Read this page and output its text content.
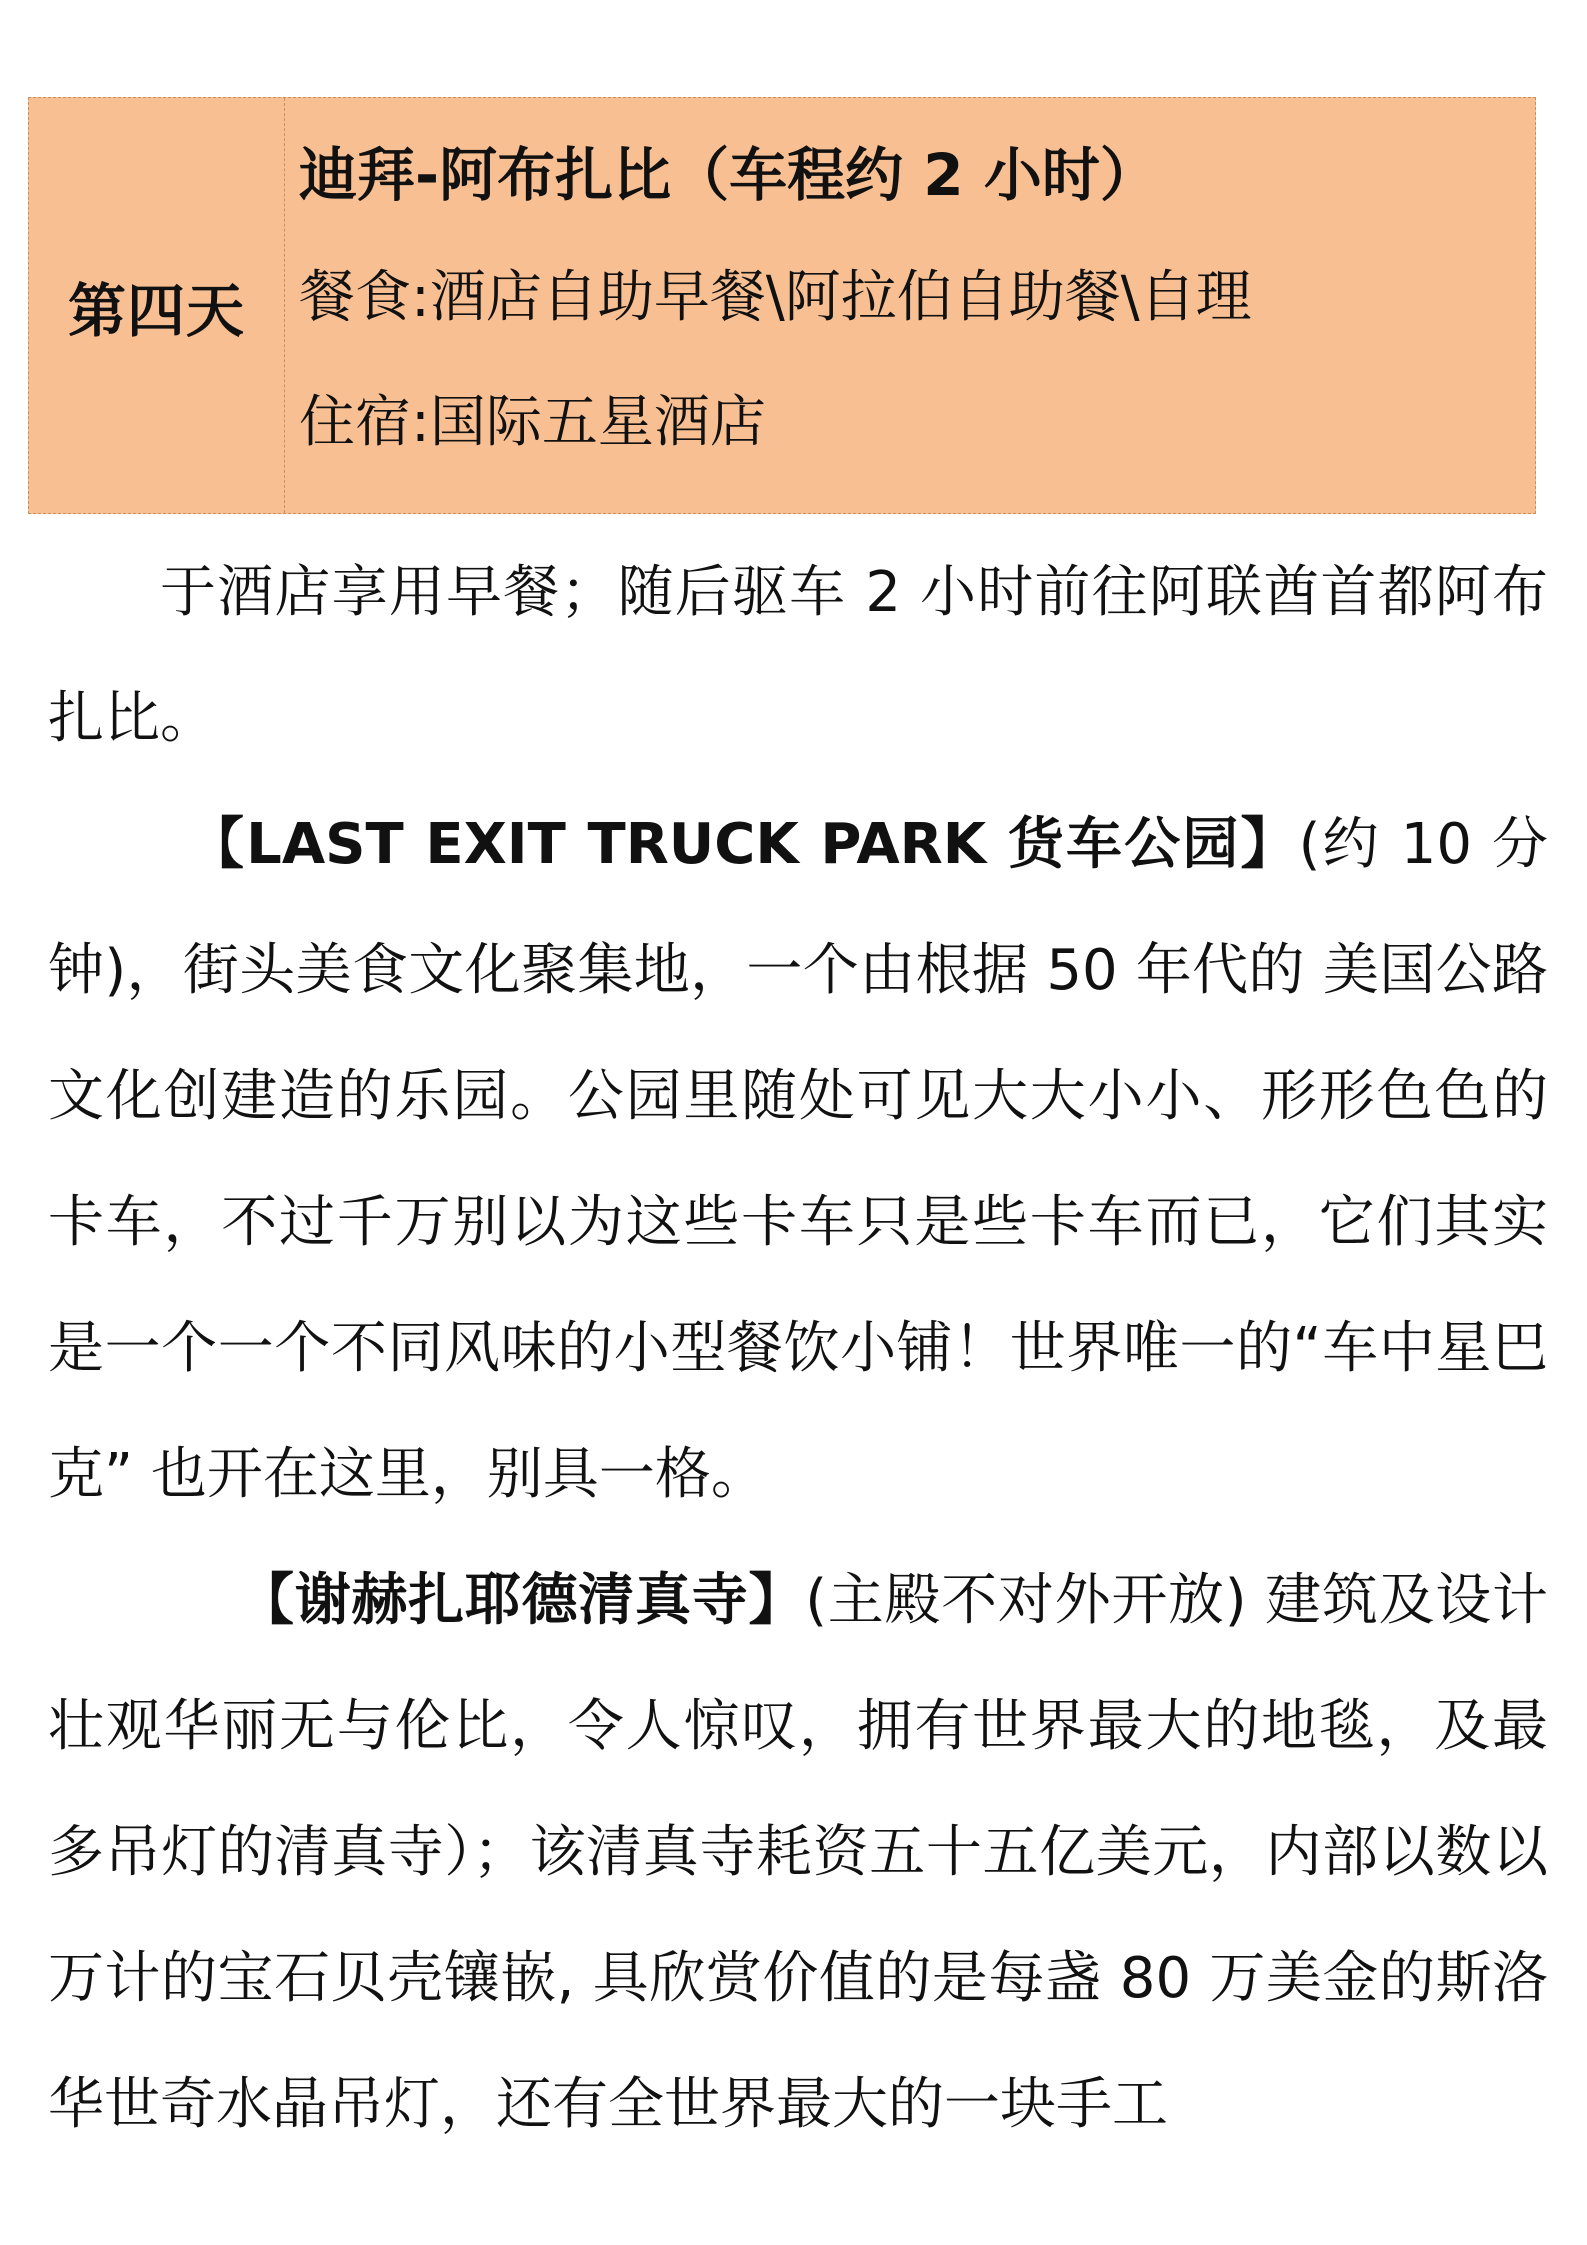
第四天
迪拜-阿布扎比（车程约 2 小时）
餐食:酒店自助早餐\阿拉伯自助餐\自理
住宿:国际五星酒店

于酒店享用早餐；随后驱车 2 小时前往阿联酋首都阿布扎比。

【LAST EXIT TRUCK PARK 货车公园】(约 10 分钟)，街头美食文化聚集地，一个由根据 50 年代的 美国公路文化创建造的乐园。公园里随处可见大大小小、形形色色的卡车，不过千万别以为这些卡车只是些卡车而已，它们其实是一个一个不同风味的小型餐饮小铺！世界唯一的“车中星巴克” 也开在这里，别具一格。

【谢赫扎耶德清真寺】(主殿不对外开放) 建筑及设计壮观华丽无与伦比，令人惊叹，拥有世界最大的地毯，及最多吊灯的清真寺）；该清真寺耗资五十五亿美元，内部以数以万计的宝石贝壳镶嵌, 具欣赏价值的是每盏 80 万美金的斯洛华世奇水晶吊灯，还有全世界最大的一块手工
